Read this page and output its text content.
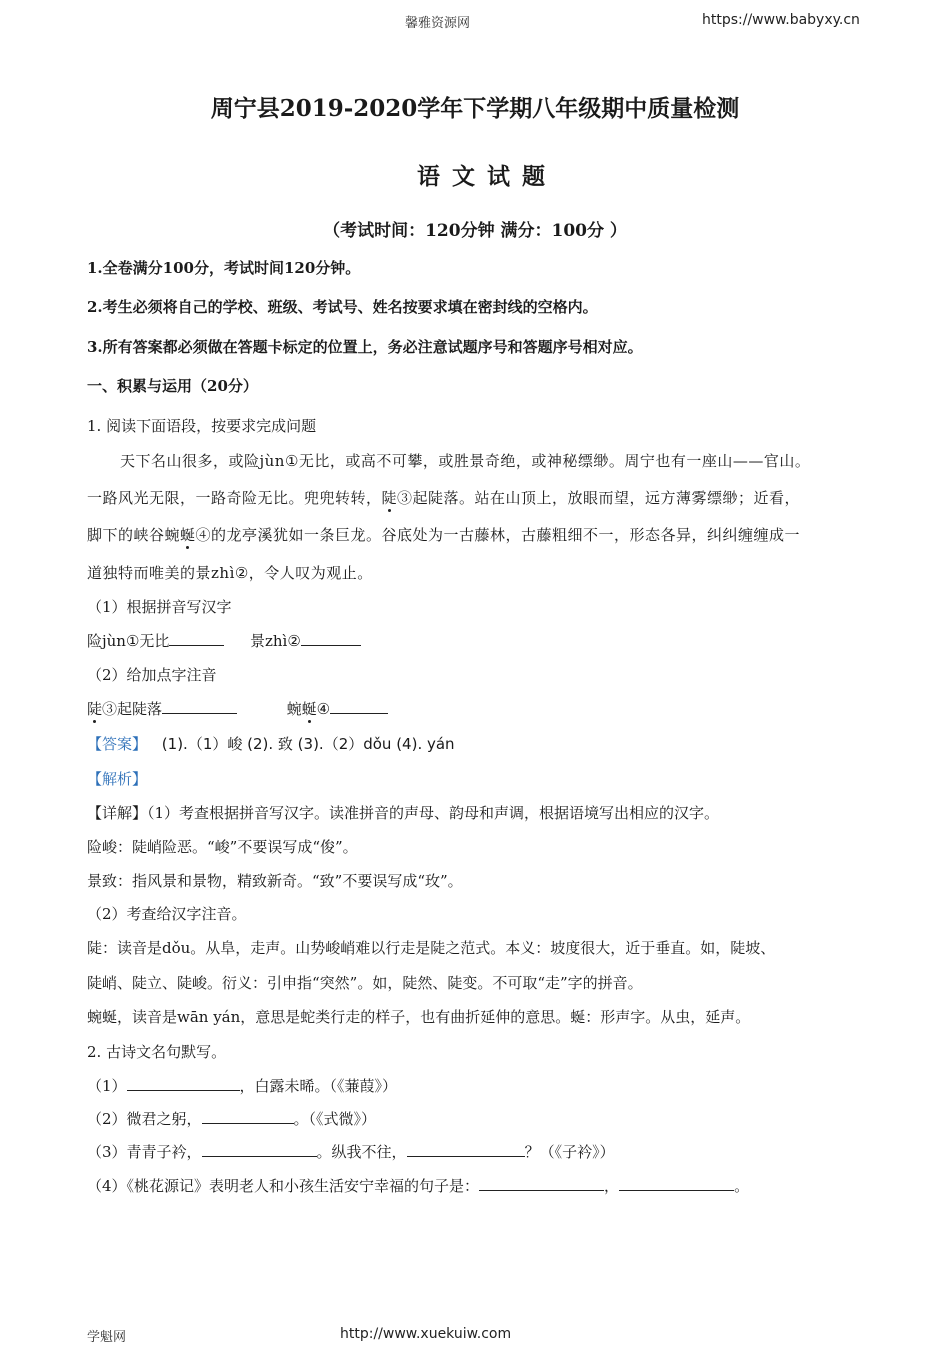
馨雅资源网	https://www.babyxy.cn
周宁县2019-2020学年下学期八年级期中质量检测
语文试题
（考试时间：120分钟 满分：100分 ）
1.全卷满分100分，考试时间120分钟。
2.考生必须将自己的学校、班级、考试号、姓名按要求填在密封线的空格内。
3.所有答案都必须做在答题卡标定的位置上，务必注意试题序号和答题序号相对应。
一、积累与运用（20分）
1. 阅读下面语段，按要求完成问题
天下名山很多，或险jùn①无比，或高不可攀，或胜景奇绝，或神秘缥缈。周宁也有一座山——官山。
一路风光无限，一路奇险无比。兜兜转转，陡③起陡落。站在山顶上，放眼而望，远方薄雾缥缈；近看，
脚下的峡谷蜿蜒④的龙亭溪犹如一条巨龙。谷底处为一古藤林，古藤粗细不一，形态各异，纠纠缠缠成一
道独特而唯美的景zhì②，令人叹为观止。
（1）根据拼音写汉字
险jùn①无比	景zhì②
（2）给加点字注音
陡③起陡落	蜿蜒④
【答案】 (1).（1）峻 (2). 致 (3).（2）dǒu (4). yán
【解析】
【详解】（1）考查根据拼音写汉字。读准拼音的声母、韵母和声调，根据语境写出相应的汉字。
险峻：陡峭险恶。“峻”不要误写成“俊”。
景致：指风景和景物，精致新奇。“致”不要误写成“玫”。
（2）考查给汉字注音。
陡：读音是dǒu。从阜，走声。山势峻峭难以行走是陡之范式。本义：坡度很大，近于垂直。如，陡坡、
陡峭、陡立、陡峻。衍义：引申指“突然”。如，陡然、陡变。不可取“走”字的拼音。
蜿蜒，读音是wān yán，意思是蛇类行走的样子，也有曲折延伸的意思。蜒：形声字。从虫，延声。
2. 古诗文名句默写。
（1）	，白露未晞。（《蒹葭》）
（2）微君之躬，	。（《式微》）
（3）青青子衿，	。纵我不往，	？（《子衿》）
（4）《桃花源记》表明老人和小孩生活安宁幸福的句子是：	，	。
学魁网	http://www.xuekuiw.com
